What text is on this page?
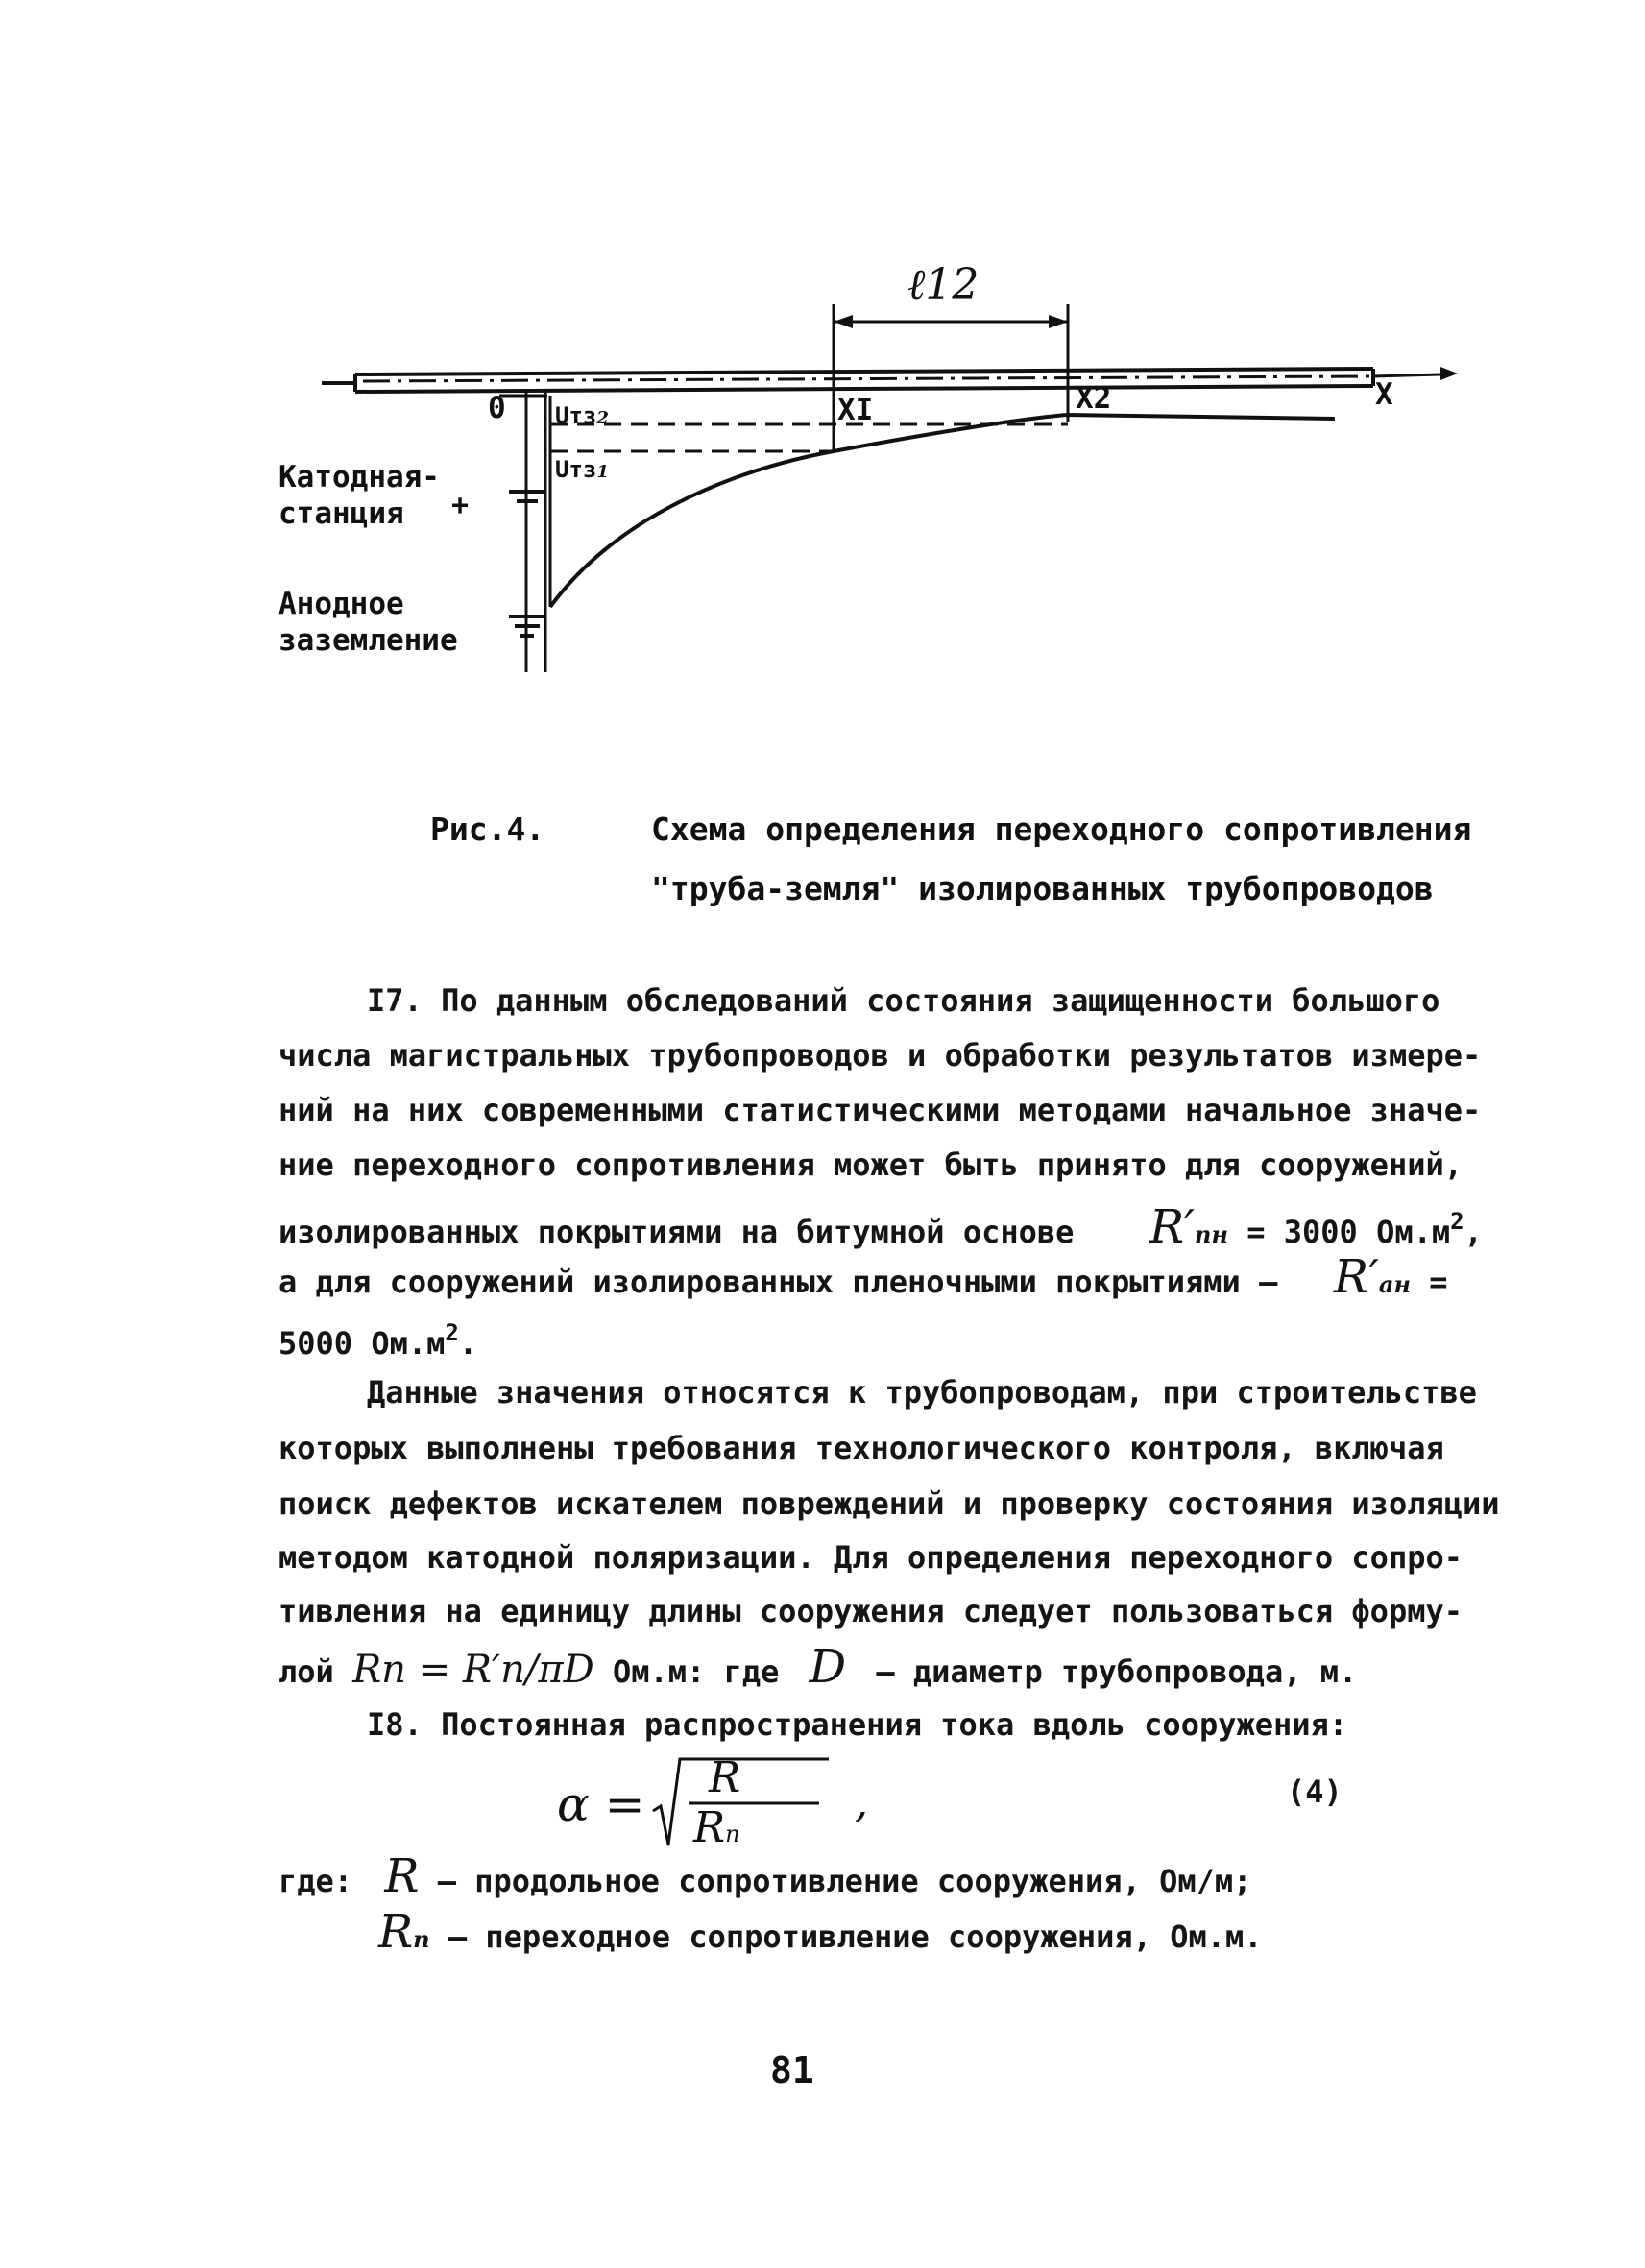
ℓ12
0	XI	X2	X
Uтз2
Uтз1
Катодная-
станция	+
Анодное
заземление
Рис.4.	Схема определения переходного сопротивления
"труба-земля" изолированных трубопроводов
I7. По данным обследований состояния защищенности большого
числа магистральных трубопроводов и обработки результатов измере-
ний на них современными статистическими методами начальное значе-
ние переходного сопротивления может быть принято для сооружений,
изолированных покрытиями на битумной основе R′пн = 3000 $Ом.м^2$,
а для сооружений изолированных пленочными покрытиями – R′ан =
5000 $Ом.м^2$.
Данные значения относятся к трубопроводам, при строительстве
которых выполнены требования технологического контроля, включая
поиск дефектов искателем повреждений и проверку состояния изоляции
методом катодной поляризации. Для определения переходного сопро-
тивления на единицу длины сооружения следует пользоваться форму-
лой Rп = R′п/πD Ом.м: где D – диаметр трубопровода, м.
I8. Постоянная распространения тока вдоль сооружения:
α = R
Rп
,	(4)
где: R – продольное сопротивление сооружения, Ом/м;
Rп – переходное сопротивление сооружения, Ом.м.
81
